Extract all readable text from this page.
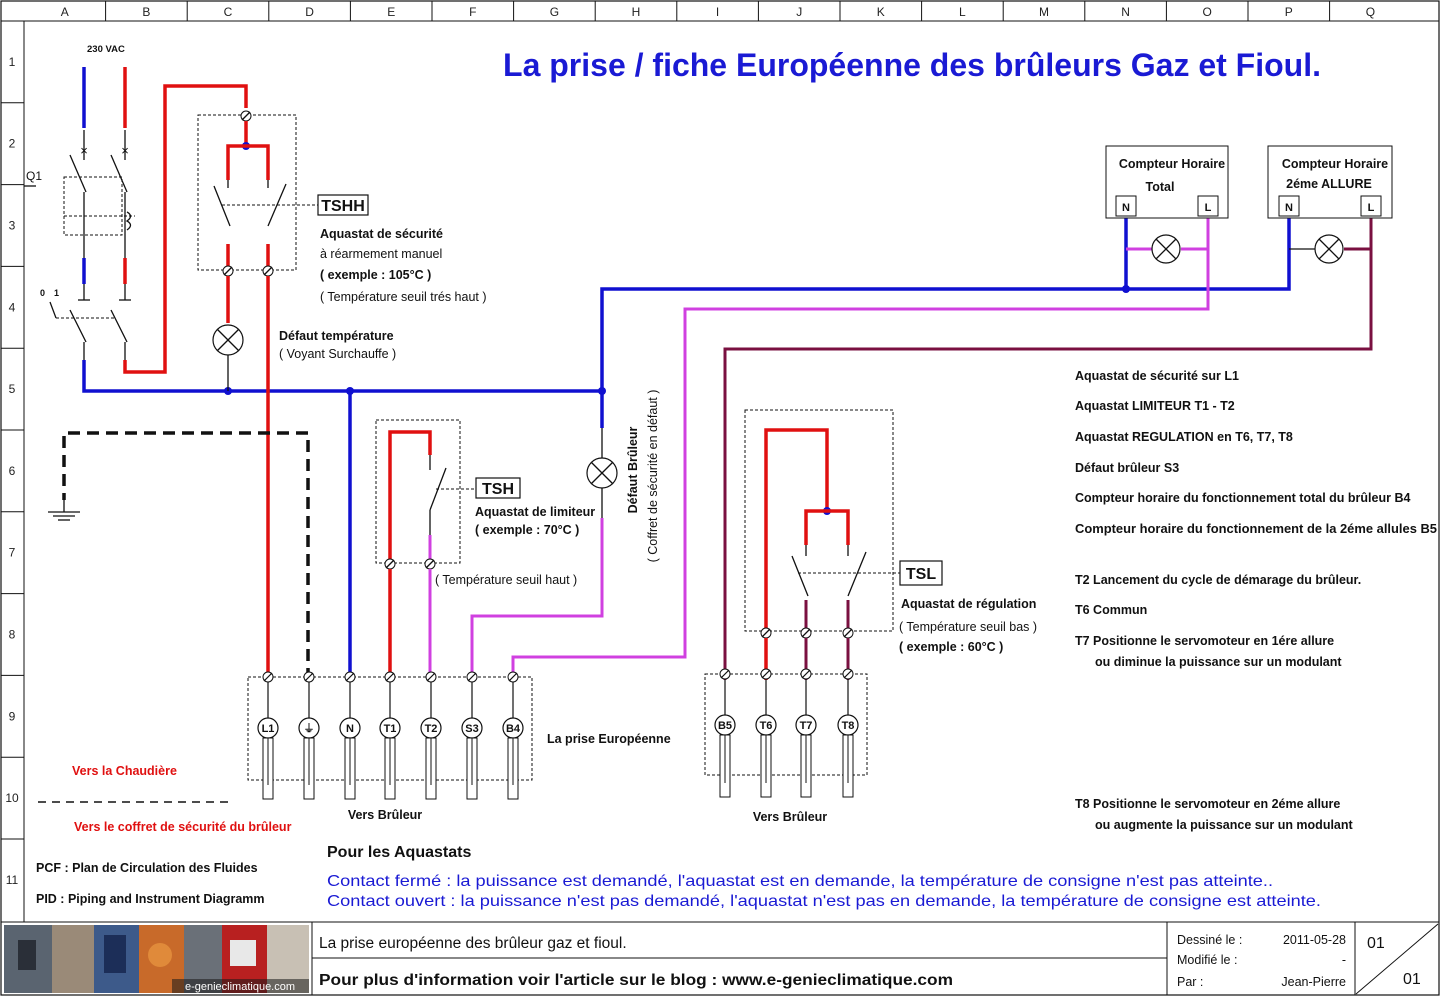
A	B	C	D	E	F	G	H	I	J	K	L	M	N	O	P	Q
1
2
3
4
5
6
7
8
9
10
11
La prise / fiche Européenne des brûleurs Gaz et Fioul.
230 VAC
×	×
Q1
0 1
TSHH
Aquastat de sécurité
à réarmement manuel
( exemple : 105°C )
( Température seuil trés haut )
Défaut température
( Voyant Surchauffe )
TSH
Aquastat de limiteur
( exemple : 70°C )
( Température seuil haut )
Défaut Brûleur ( Coffret de sécurité en défaut )
Compteur Horaire
Total
N	L
Compteur Horaire
2éme ALLURE
N	L
TSL
Aquastat de régulation
( Température seuil bas )
( exemple : 60°C )
L1	⏚	N	T1	T2	S3 B4
La prise Européenne
Vers Brûleur
B5	T6 T7	T8
Vers Brûleur
Vers la Chaudière
Vers le coffret de sécurité du brûleur
PCF : Plan de Circulation des Fluides
PID : Piping and Instrument Diagramm
Aquastat de sécurité sur L1
Aquastat LIMITEUR T1 - T2
Aquastat REGULATION en T6, T7, T8
Défaut brûleur S3
Compteur horaire du fonctionnement total du brûleur B4
Compteur horaire du fonctionnement de la 2éme allules B5
T2 Lancement du cycle de démarage du brûleur.
T6 Commun
T7 Positionne le servomoteur en 1ére allure
ou diminue la puissance sur un modulant
T8 Positionne le servomoteur en 2éme allure
ou augmente la puissance sur un modulant
Pour les Aquastats
Contact fermé : la puissance est demandé, l'aquastat est en demande, la température de consigne n'est pas atteinte..
Contact ouvert : la puissance n'est pas demandé, l'aquastat n'est pas en demande, la température de consigne est atteinte.
e-genieclimatique.com
La prise européenne des brûleur gaz et fioul.
Pour plus d'information voir l'article sur le blog : www.e-genieclimatique.com
Dessiné le :	2011-05-28
Modifié le :	-
Par :	Jean-Pierre
01
01
